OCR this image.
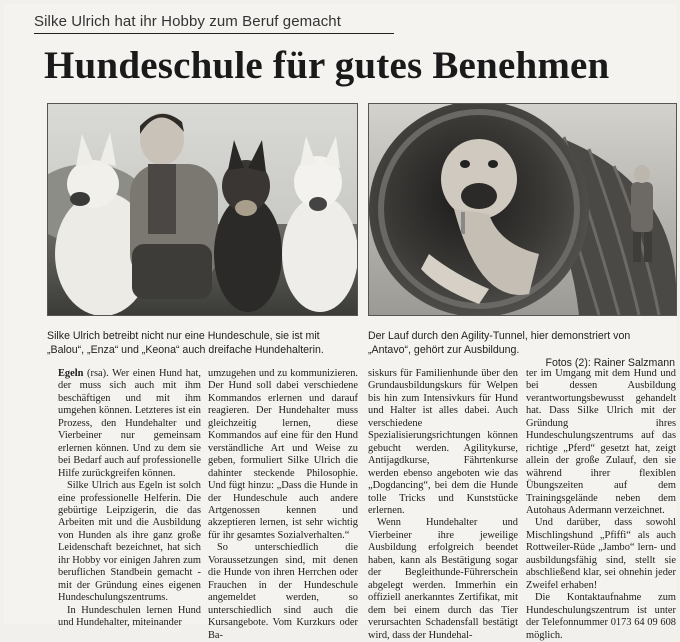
Silke Ulrich hat ihr Hobby zum Beruf gemacht
Hundeschule für gutes Benehmen
Silke Ulrich betreibt nicht nur eine Hundeschule, sie ist mit „Balou“, „Enza“ und „Keona“ auch dreifache Hundehalterin.
Der Lauf durch den Agility-Tunnel, hier demonstriert von „Antavo“, gehört zur Ausbildung.
Fotos (2): Rainer Salzmann

Egeln (rsa). Wer einen Hund hat, der muss sich auch mit ihm beschäftigen und mit ihm umgehen können. Letzteres ist ein Prozess, den Hundehalter und Vierbeiner nur gemeinsam erlernen können. Und zu dem sie bei Bedarf auch auf professionelle Hilfe zurückgreifen können.

Silke Ulrich aus Egeln ist solch eine professionelle Helferin. Die gebürtige Leipzigerin, die das Arbeiten mit und die Ausbildung von Hunden als ihre ganz große Leidenschaft bezeichnet, hat sich ihr Hobby vor einigen Jahren zum beruflichen Standbein gemacht - mit der Gründung eines eigenen Hundeschulungszentrums.

In Hundeschulen lernen Hund und Hundehalter, miteinander

umzugehen und zu kommunizieren. Der Hund soll dabei verschiedene Kommandos erlernen und darauf reagieren. Der Hundehalter muss gleichzeitig lernen, diese Kommandos auf eine für den Hund verständliche Art und Weise zu geben, formuliert Silke Ulrich die dahinter steckende Philosophie. Und fügt hinzu: „Dass die Hunde in der Hundeschule auch andere Artgenossen kennen und akzeptieren lernen, ist sehr wichtig für ihr gesamtes Sozialverhalten.“

So unterschiedlich die Voraussetzungen sind, mit denen die Hunde von ihren Herrchen oder Frauchen in der Hundeschule angemeldet werden, so unterschiedlich sind auch die Kursangebote. Vom Kurzkurs oder Ba-

siskurs für Familienhunde über den Grundausbildungskurs für Welpen bis hin zum Intensivkurs für Hund und Halter ist alles dabei. Auch verschiedene Spezialisierungsrichtungen können gebucht werden. Agilitykurse, Antijagdkurse, Fährtenkurse werden ebenso angeboten wie das „Dogdancing“, bei dem die Hunde tolle Tricks und Kunststücke erlernen.

Wenn Hundehalter und Vierbeiner ihre jeweilige Ausbildung erfolgreich beendet haben, kann als Bestätigung sogar der Begleithunde-Führerschein abgelegt werden. Immerhin ein offiziell anerkanntes Zertifikat, mit dem bei einem durch das Tier verursachten Schadensfall bestätigt wird, dass der Hundehal-

ter im Umgang mit dem Hund und bei dessen Ausbildung verantwortungsbewusst gehandelt hat. Dass Silke Ulrich mit der Gründung ihres Hundeschulungszentrums auf das richtige „Pferd“ gesetzt hat, zeigt allein der große Zulauf, den sie während ihrer flexiblen Übungszeiten auf dem Trainingsgelände neben dem Autohaus Adermann verzeichnet.

Und darüber, dass sowohl Mischlingshund „Pfiffi“ als auch Rottweiler-Rüde „Jambo“ lern- und ausbildungsfähig sind, stellt sie abschließend klar, sei ohnehin jeder Zweifel erhaben!

Die Kontaktaufnahme zum Hundeschulungszentrum ist unter der Telefonnummer 0173 64 09 608 möglich.
